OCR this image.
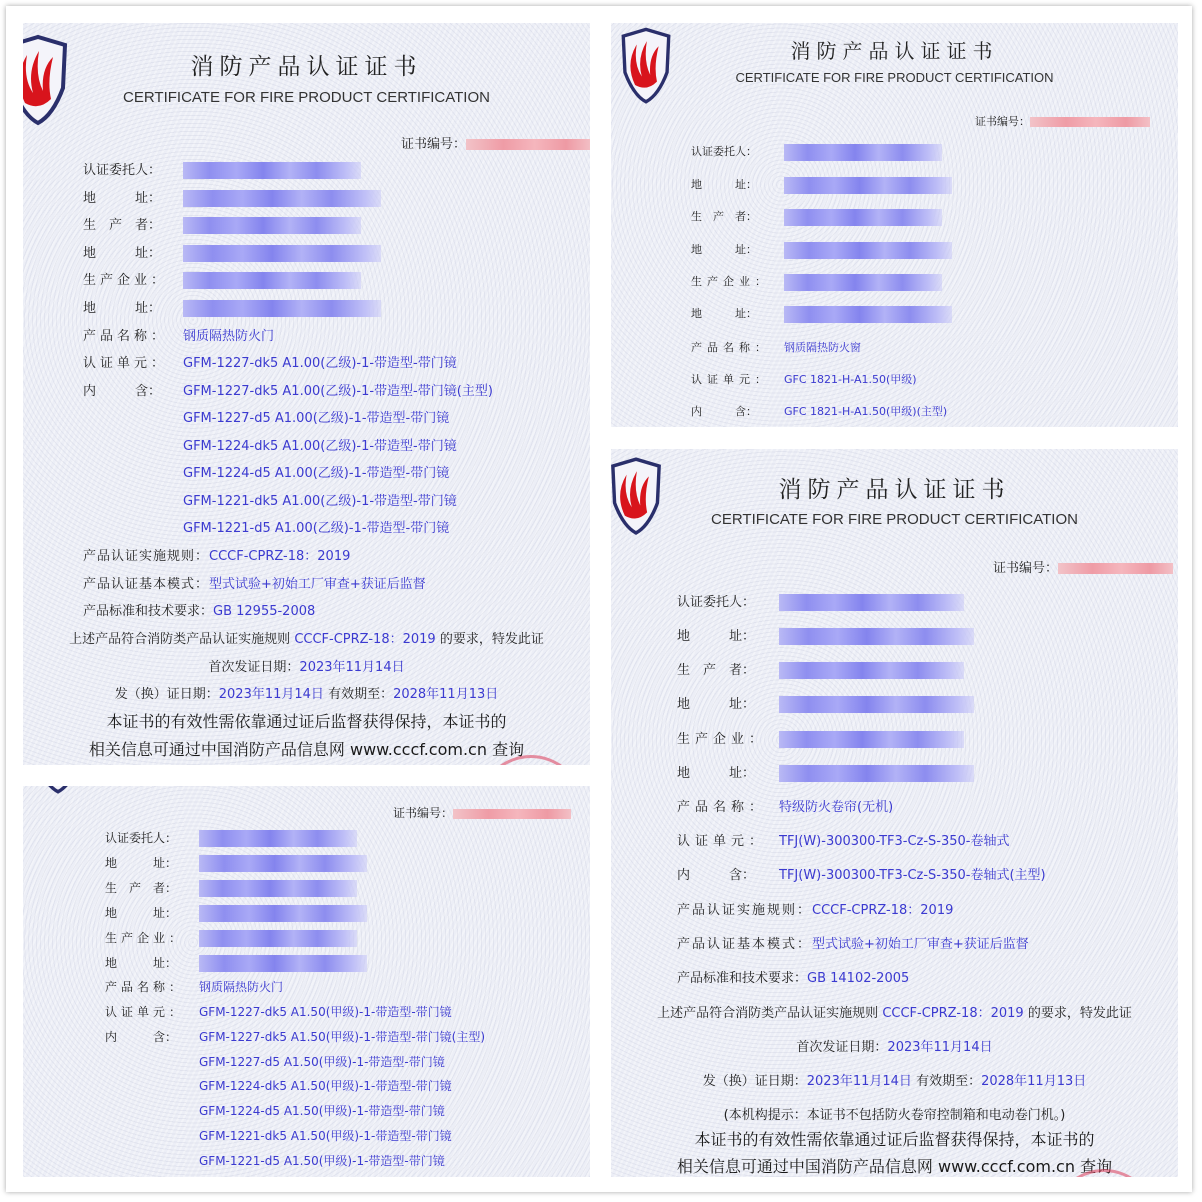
消防产品认证证书
CERTIFICATE FOR FIRE PRODUCT CERTIFICATION
证书编号：
认证委托人：
地　　　址：
生　产　者：
地　　　址：
生产企业：
地　　　址：
产品名称： 钢质隔热防火门
认证单元： GFM-1227-dk5 A1.00(乙级)-1-带造型-带门镜
内　　　含： GFM-1227-dk5 A1.00(乙级)-1-带造型-带门镜(主型)
GFM-1227-d5 A1.00(乙级)-1-带造型-带门镜
GFM-1224-dk5 A1.00(乙级)-1-带造型-带门镜
GFM-1224-d5 A1.00(乙级)-1-带造型-带门镜
GFM-1221-dk5 A1.00(乙级)-1-带造型-带门镜
GFM-1221-d5 A1.00(乙级)-1-带造型-带门镜
产品认证实施规则：CCCF-CPRZ-18：2019
产品认证基本模式：型式试验+初始工厂审查+获证后监督
产品标准和技术要求：GB 12955-2008
上述产品符合消防类产品认证实施规则 CCCF-CPRZ-18：2019 的要求，特发此证
首次发证日期：2023年11月14日
发（换）证日期：2023年11月14日 有效期至：2028年11月13日
本证书的有效性需依靠通过证后监督获得保持，本证书的
相关信息可通过中国消防产品信息网 www.cccf.com.cn 查询
消防产品认证证书
CERTIFICATE FOR FIRE PRODUCT CERTIFICATION
证书编号：
认证委托人：
地　　　址：
生　产　者：
地　　　址：
生产企业：
地　　　址：
产品名称： 钢质隔热防火窗
认证单元： GFC 1821-H-A1.50(甲级)
内　　　含： GFC 1821-H-A1.50(甲级)(主型)
证书编号：
认证委托人：
地　　　址：
生　产　者：
地　　　址：
生产企业：
地　　　址：
产品名称： 钢质隔热防火门
认证单元： GFM-1227-dk5 A1.50(甲级)-1-带造型-带门镜
内　　　含： GFM-1227-dk5 A1.50(甲级)-1-带造型-带门镜(主型)
GFM-1227-d5 A1.50(甲级)-1-带造型-带门镜
GFM-1224-dk5 A1.50(甲级)-1-带造型-带门镜
GFM-1224-d5 A1.50(甲级)-1-带造型-带门镜
GFM-1221-dk5 A1.50(甲级)-1-带造型-带门镜
GFM-1221-d5 A1.50(甲级)-1-带造型-带门镜
消防产品认证证书
CERTIFICATE FOR FIRE PRODUCT CERTIFICATION
证书编号：
认证委托人：
地　　　址：
生　产　者：
地　　　址：
生产企业：
地　　　址：
产品名称： 特级防火卷帘(无机)
认证单元： TFJ(W)-300300-TF3-Cz-S-350-卷轴式
内　　　含： TFJ(W)-300300-TF3-Cz-S-350-卷轴式(主型)
产品认证实施规则：CCCF-CPRZ-18：2019
产品认证基本模式：型式试验+初始工厂审查+获证后监督
产品标准和技术要求：GB 14102-2005
上述产品符合消防类产品认证实施规则 CCCF-CPRZ-18：2019 的要求，特发此证
首次发证日期：2023年11月14日
发（换）证日期：2023年11月14日 有效期至：2028年11月13日
(本机构提示：本证书不包括防火卷帘控制箱和电动卷门机。)
本证书的有效性需依靠通过证后监督获得保持，本证书的
相关信息可通过中国消防产品信息网 www.cccf.com.cn 查询
